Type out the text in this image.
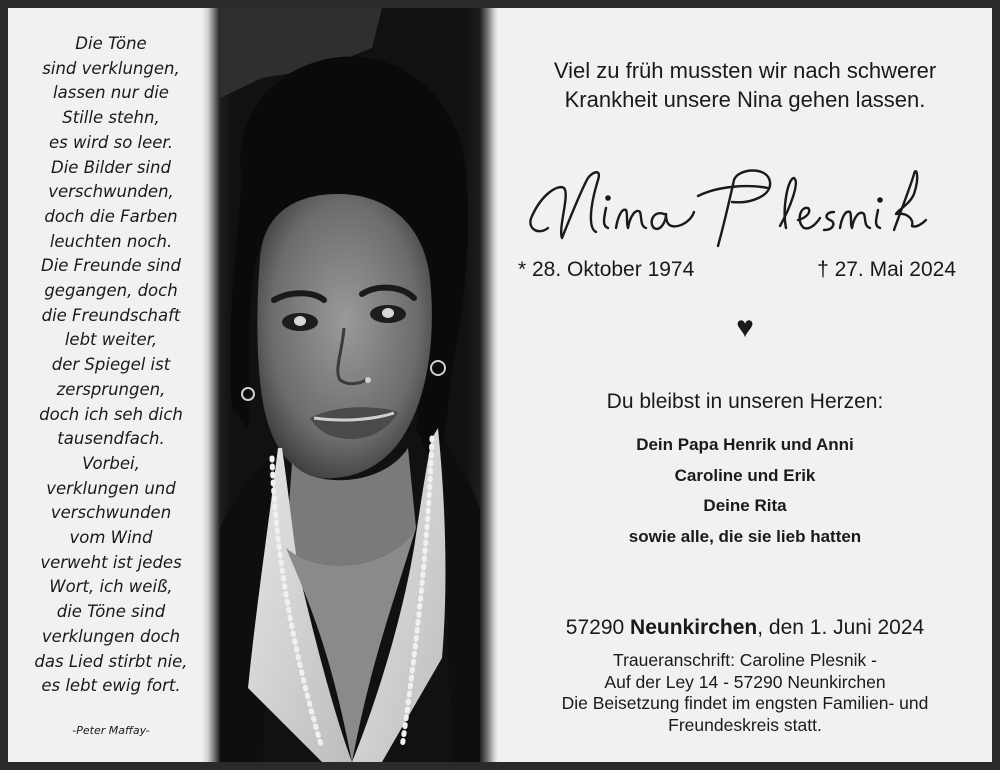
Die Töne
sind verklungen,
lassen nur die
Stille stehn,
es wird so leer.
Die Bilder sind
verschwunden,
doch die Farben
leuchten noch.
Die Freunde sind
gegangen, doch
die Freundschaft
lebt weiter,
der Spiegel ist
zersprungen,
doch ich seh dich
tausendfach.
Vorbei,
verklungen und
verschwunden
vom Wind
verweht ist jedes
Wort, ich weiß,
die Töne sind
verklungen doch
das Lied stirbt nie,
es lebt ewig fort.
-Peter Maffay-
Viel zu früh mussten wir nach schwerer
Krankheit unsere Nina gehen lassen.
* 28. Oktober 1974	† 27. Mai 2024
♥
Du bleibst in unseren Herzen:
Dein Papa Henrik und Anni
Caroline und Erik
Deine Rita
sowie alle, die sie lieb hatten
57290 Neunkirchen, den 1. Juni 2024
Traueranschrift: Caroline Plesnik -
Auf der Ley 14 - 57290 Neunkirchen
Die Beisetzung findet im engsten Familien- und
Freundeskreis statt.
